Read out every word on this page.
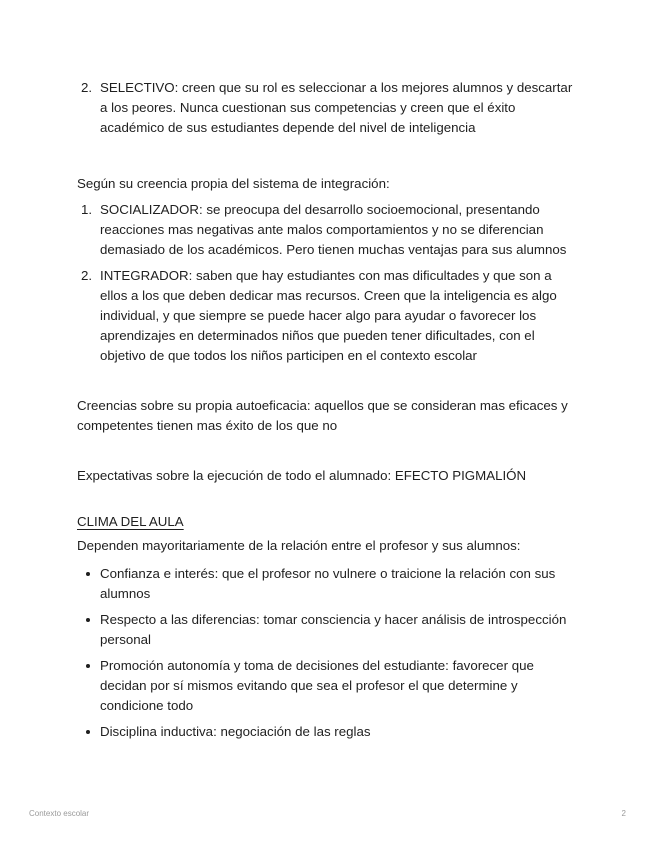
2. SELECTIVO: creen que su rol es seleccionar a los mejores alumnos y descartar a los peores. Nunca cuestionan sus competencias y creen que el éxito académico de sus estudiantes depende del nivel de inteligencia

Según su creencia propia del sistema de integración:

1. SOCIALIZADOR: se preocupa del desarrollo socioemocional, presentando reacciones mas negativas ante malos comportamientos y no se diferencian demasiado de los académicos. Pero tienen muchas ventajas para sus alumnos
2. INTEGRADOR: saben que hay estudiantes con mas dificultades y que son a ellos a los que deben dedicar mas recursos. Creen que la inteligencia es algo individual, y que siempre se puede hacer algo para ayudar o favorecer los aprendizajes en determinados niños que pueden tener dificultades, con el objetivo de que todos los niños participen en el contexto escolar

Creencias sobre su propia autoeficacia: aquellos que se consideran mas eficaces y competentes tienen mas éxito de los que no

Expectativas sobre la ejecución de todo el alumnado: EFECTO PIGMALIÓN

CLIMA DEL AULA

Dependen mayoritariamente de la relación entre el profesor y sus alumnos:

Confianza e interés: que el profesor no vulnere o traicione la relación con sus alumnos
Respecto a las diferencias: tomar consciencia y hacer análisis de introspección personal
Promoción autonomía y toma de decisiones del estudiante: favorecer que decidan por sí mismos evitando que sea el profesor el que determine y condicione todo
Disciplina inductiva: negociación de las reglas
Contexto escolar	2
